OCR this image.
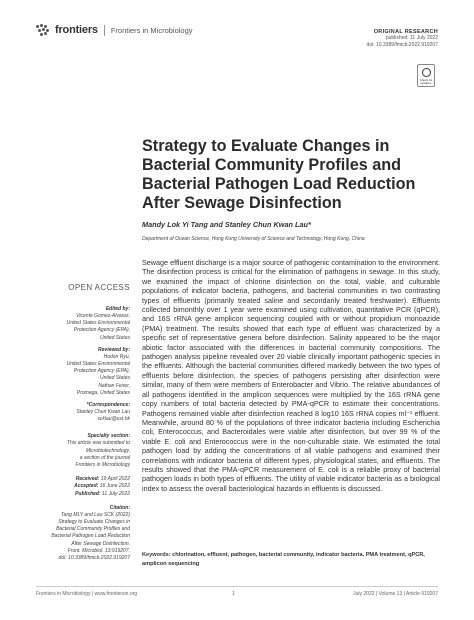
frontiers Frontiers in Microbiology	ORIGINAL RESEARCH
published: 11 July 2022
doi: 10.3389/fmicb.2022.919207
Check for updates
Strategy to Evaluate Changes in
Bacterial Community Profiles and
Bacterial Pathogen Load Reduction
After Sewage Disinfection
Mandy Lok Yi Tang and Stanley Chun Kwan Lau*
Department of Ocean Science, Hong Kong University of Science and Technology, Hong Kong, China
OPEN ACCESS
Edited by:
Vicente Gomez-Alvarez,
United States Environmental
Protection Agency (EPA),
United States
Reviewed by:
Hodon Ryu,
United States Environmental
Protection Agency (EPA),
United States
Nathan Feirer,
Promega, United States
*Correspondence:
Stanley Chun Kwan Lau
scklau@ust.hk
Specialty section:
This article was submitted to
Microbiotechnology,
a section of the journal
Frontiers in Microbiology
Received: 19 April 2022
Accepted: 16 June 2022
Published: 11 July 2022
Citation:
Tang MLY and Lau SCK (2022)
Strategy to Evaluate Changes in
Bacterial Community Profiles and
Bacterial Pathogen Load Reduction
After Sewage Disinfection.
Front. Microbiol. 13:919207.
doi: 10.3389/fmicb.2022.919207

Sewage effluent discharge is a major source of pathogenic contamination to the environment. The disinfection process is critical for the elimination of pathogens in sewage. In this study, we examined the impact of chlorine disinfection on the total, viable, and culturable populations of indicator bacteria, pathogens, and bacterial communities in two contrasting types of effluents (primarily treated saline and secondarily treated freshwater). Effluents collected bimonthly over 1 year were examined using cultivation, quantitative PCR (qPCR), and 16S rRNA gene amplicon sequencing coupled with or without propidium monoazide (PMA) treatment. The results showed that each type of effluent was characterized by a specific set of representative genera before disinfection. Salinity appeared to be the major abiotic factor associated with the differences in bacterial community compositions. The pathogen analysis pipeline revealed over 20 viable clinically important pathogenic species in the effluents. Although the bacterial communities differed markedly between the two types of effluents before disinfection, the species of pathogens persisting after disinfection were similar, many of them were members of Enterobacter and Vibrio. The relative abundances of all pathogens identified in the amplicon sequences were multiplied by the 16S rRNA gene copy numbers of total bacteria detected by PMA-qPCR to estimate their concentrations. Pathogens remained viable after disinfection reached 8 log10 16S rRNA copies ml⁻¹ effluent. Meanwhile, around 80 % of the populations of three indicator bacteria including Escherichia coli, Enterococcus, and Bacteroidales were viable after disinfection, but over 99 % of the viable E. coli and Enterococcus were in the non-culturable state. We estimated the total pathogen load by adding the concentrations of all viable pathogens and examined their correlations with indicator bacteria of different types, physiological states, and effluents. The results showed that the PMA-qPCR measurement of E. coli is a reliable proxy of bacterial pathogen loads in both types of effluents. The utility of viable indicator bacteria as a biological index to assess the overall bacteriological hazards in effluents is discussed.

Keywords: chlorination, effluent, pathogen, bacterial community, indicator bacteria, PMA treatment, qPCR, amplicon sequencing
Frontiers in Microbiology | www.frontiersin.org	1	July 2022 | Volume 13 | Article 919207
